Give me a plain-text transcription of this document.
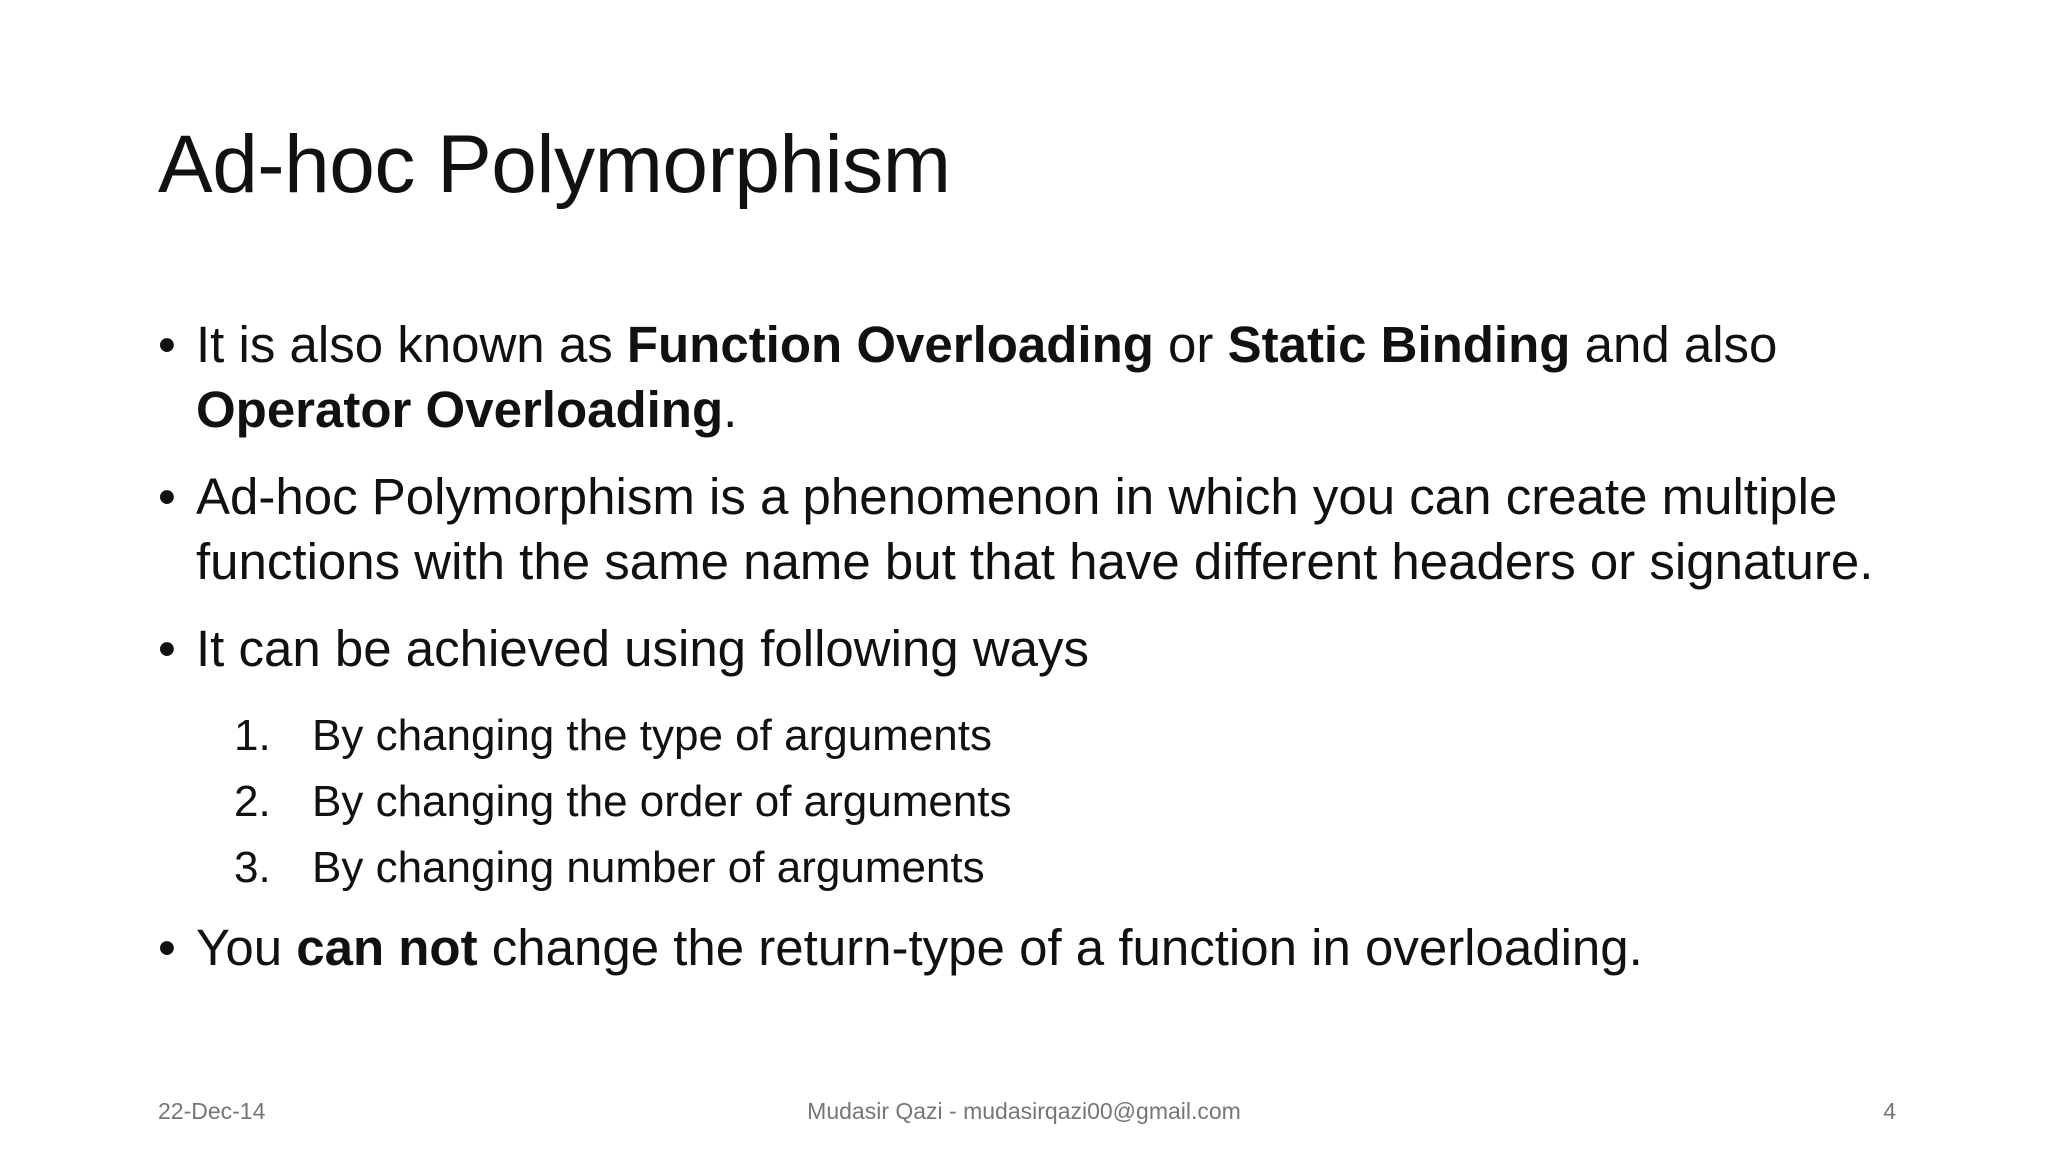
Ad-hoc Polymorphism
• It is also known as Function Overloading or Static Binding and also Operator Overloading.
• Ad-hoc Polymorphism is a phenomenon in which you can create multiple functions with the same name but that have different headers or signature.
• It can be achieved using following ways
1. By changing the type of arguments
2. By changing the order of arguments
3. By changing number of arguments
• You can not change the return-type of a function in overloading.
22-Dec-14	Mudasir Qazi - mudasirqazi00@gmail.com	4
